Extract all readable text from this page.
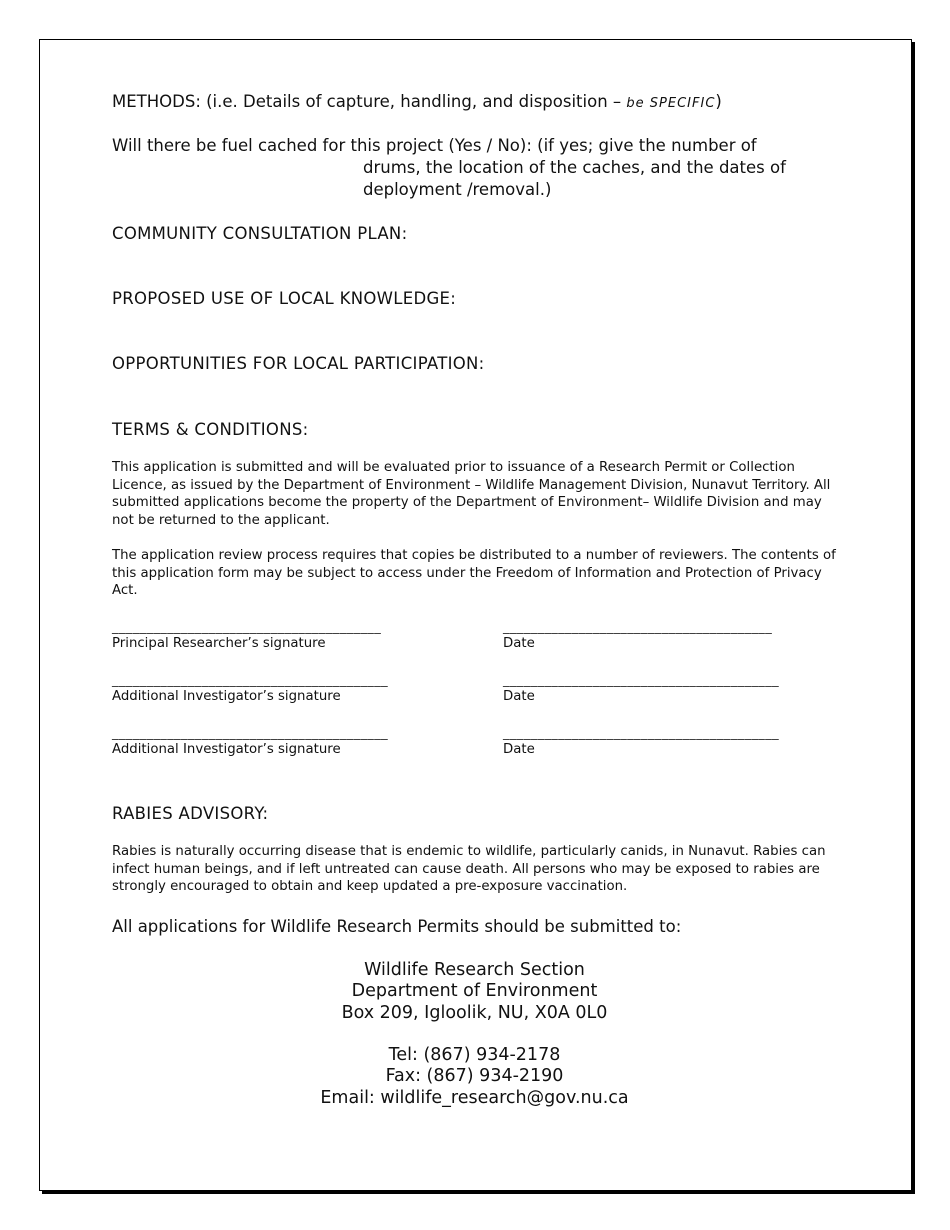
METHODS: (i.e. Details of capture, handling, and disposition – be SPECIFIC)
Will there be fuel cached for this project (Yes / No): (if yes; give the number of
drums, the location of the caches, and the dates of
deployment /removal.)
COMMUNITY CONSULTATION PLAN:
PROPOSED USE OF LOCAL KNOWLEDGE:
OPPORTUNITIES FOR LOCAL PARTICIPATION:
TERMS & CONDITIONS:
This application is submitted and will be evaluated prior to issuance of a Research Permit or Collection Licence, as issued by the Department of Environment – Wildlife Management Division, Nunavut Territory. All submitted applications become the property of the Department of Environment– Wildlife Division and may not be returned to the applicant.
The application review process requires that copies be distributed to a number of reviewers. The contents of this application form may be subject to access under the Freedom of Information and Protection of Privacy Act.
_______________________________________
Principal Researcher’s signature
_______________________________________
Date
________________________________________
Additional Investigator’s signature
________________________________________
Date
________________________________________
Additional Investigator’s signature
________________________________________
Date
RABIES ADVISORY:
Rabies is naturally occurring disease that is endemic to wildlife, particularly canids, in Nunavut. Rabies can infect human beings, and if left untreated can cause death. All persons who may be exposed to rabies are strongly encouraged to obtain and keep updated a pre-exposure vaccination.
All applications for Wildlife Research Permits should be submitted to:
Wildlife Research Section
Department of Environment
Box 209, Igloolik, NU, X0A 0L0
Tel: (867) 934-2178
Fax: (867) 934-2190
Email: wildlife_research@gov.nu.ca
